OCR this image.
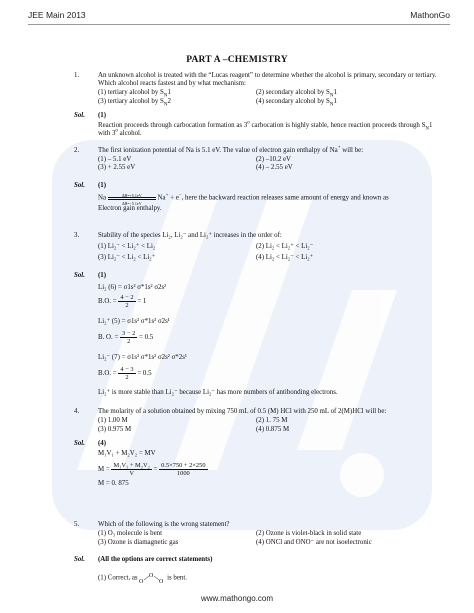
JEE Main 2013	MathonGo
PART A –CHEMISTRY
1.	An unknown alcohol is treated with the “Lucas reagent” to determine whether the alcohol is primary, secondary or tertiary. Which alcohol reacts fastest and by what mechanism:
(1) tertiary alcohol by $S_N1$	(2) secondary alcohol by $S_N1$
(3) tertiary alcohol by $S_N2$	(4) secondary alcohol by $S_N1$
Sol. (1)
Reaction proceeds through carbocation formation as 3$^o$ carbocation is highly stable, hence reaction proceeds through $S_N1$ with 3$^o$ alcohol.
2.	The first ionization potential of Na is 5.1 eV. The value of electron gain enthalpy of Na+ will be:
(1) – 5.1 eV	(2) –10.2 eV
(3) + 2.55 eV	(4) – 2.55 eV
Sol. (1)
Na $\frac{\Delta H=+5.1eV}{\Delta H=-5.1eV} Na^+ + e^-$, here the backward reaction releases same amount of energy and known as
Electron gain enthalpy.
3.	Stability of the species Li₂, Li₂⁻ and Li₂⁺ increases in the order of:
(1) Li₂⁻ < Li₂⁺ < Li₂	(2) Li₂ < Li₂⁺ < Li₂⁻
(3) Li₂⁻ < Li₂ < Li₂⁺	(4) Li₂ < Li₂⁻ < Li₂⁺
Sol. (1)
Li₂ (6) = σ1s² σ*1s² σ2s²
B.O. = $\frac{4 - 2}{2} = 1$
Li₂⁺ (5) = σ1s² σ*1s² σ2s¹
B. O. = $\frac{3 - 2}{2} = 0.5$
Li₂⁻ (7) = σ1s² σ*1s² σ2s² σ*2s¹
B.O. = $\frac{4 - 3}{2} = 0.5$
Li₂⁺ is more stable than Li₂⁻ because Li₂⁻ has more numbers of antibonding electrons.
4.	The molarity of a solution obtained by mixing 750 mL of 0.5 (M) HCl with 250 mL of 2(M)HCl will be:
(1) 1.00 M	(2) 1. 75 M
(3) 0.975 M	(4) 0.875 M
Sol. (4)
M₁V₁ + M₂V₂ = MV
$M = \frac{\text{M₁V₁ + M₂V₂}}{V} = \frac{0.5\times 750 + 2\times 250}{1000}$
M = 0. 875
5.	Which of the following is the wrong statement?
(1) O₃ molecule is bent	(2) Ozone is violet-black in solid state
(3) Ozone is diamagnetic gas	(4) ONCl and ONO⁻ are not isoelectronic
Sol. (All the options are correct statements)
(1) Correct, as
O
O
O
is bent.
www.mathongo.com
